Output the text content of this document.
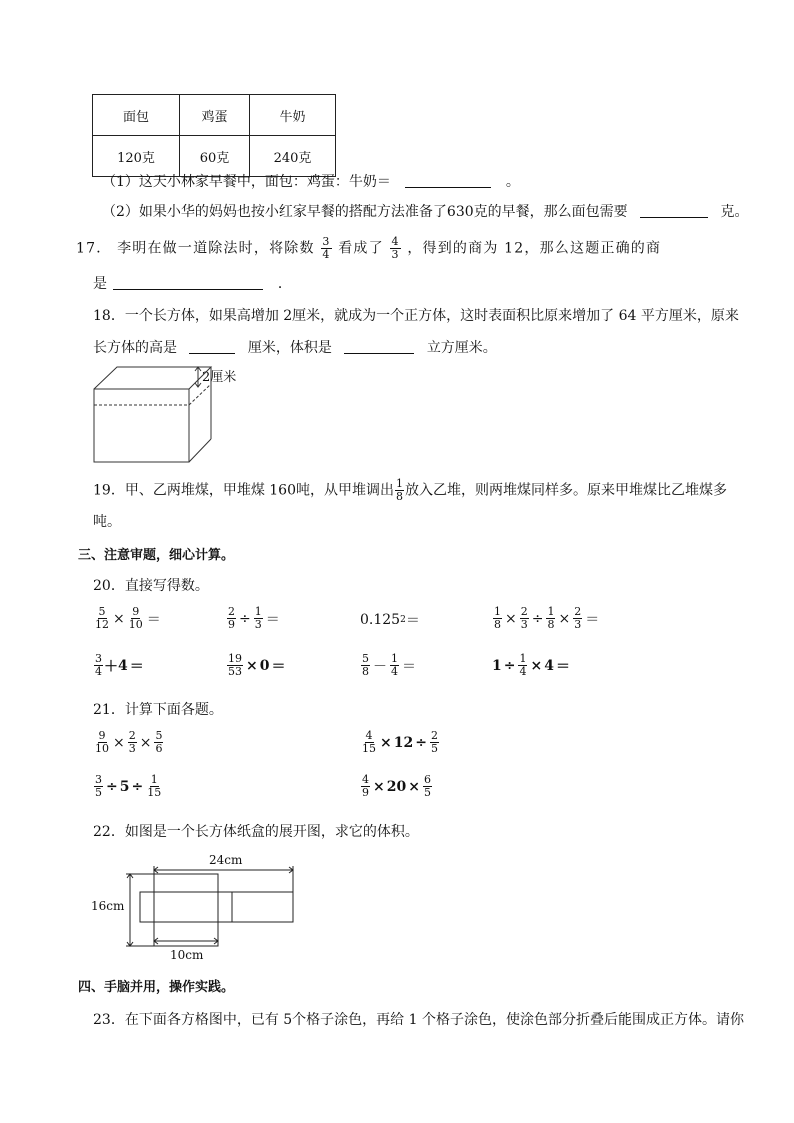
面包	鸡蛋	牛奶
120克	60克	240克
（1）这天小林家早餐中，面包：鸡蛋：牛奶＝	。
（2）如果小华的妈妈也按小红家早餐的搭配方法准备了630克的早餐，那么面包需要	克。
17． 李明在做一道除法时，将除数 $\frac{3}{4}$ 看成了 $\frac{4}{3}$ ，得到的商为 12，那么这题正确的商
是	．
18．一个长方体，如果高增加 2厘米，就成为一个正方体，这时表面积比原来增加了 64 平方厘米，原来
长方体的高是	厘米，体积是	立方厘米。
2厘米
19．甲、乙两堆煤，甲堆煤 160吨，从甲堆调出 $\frac{1}{8}$ 放入乙堆，则两堆煤同样多。原来甲堆煤比乙堆煤多
吨。
三、注意审题，细心计算。
20．直接写得数。
$\frac{5}{12} \times \frac{9}{10}$ ＝	$\frac{2}{9} \div \frac{1}{3}$ ＝	0.125 2 ＝	$\frac{1}{8} \times \frac{2}{3} \div \frac{1}{8} \times \frac{2}{3}$ ＝
$\frac{3}{4} + 4$ ＝	$\frac{19}{53} \times 0$ ＝	$\frac{5}{8} - \frac{1}{4}$ ＝	$1 \div \frac{1}{4} \times 4$ ＝
21．计算下面各题。
$\frac{9}{10} \times \frac{2}{3} \times \frac{5}{6}$	$\frac{4}{15} \times 12 \div \frac{2}{5}$
$\frac{3}{5} \div 5 \div \frac{1}{15}$	$\frac{4}{9} \times 20 \times \frac{6}{5}$
22．如图是一个长方体纸盒的展开图，求它的体积。
24cm
16cm
10cm
四、手脑并用，操作实践。
23．在下面各方格图中，已有 5个格子涂色，再给 1 个格子涂色，使涂色部分折叠后能围成正方体。请你
